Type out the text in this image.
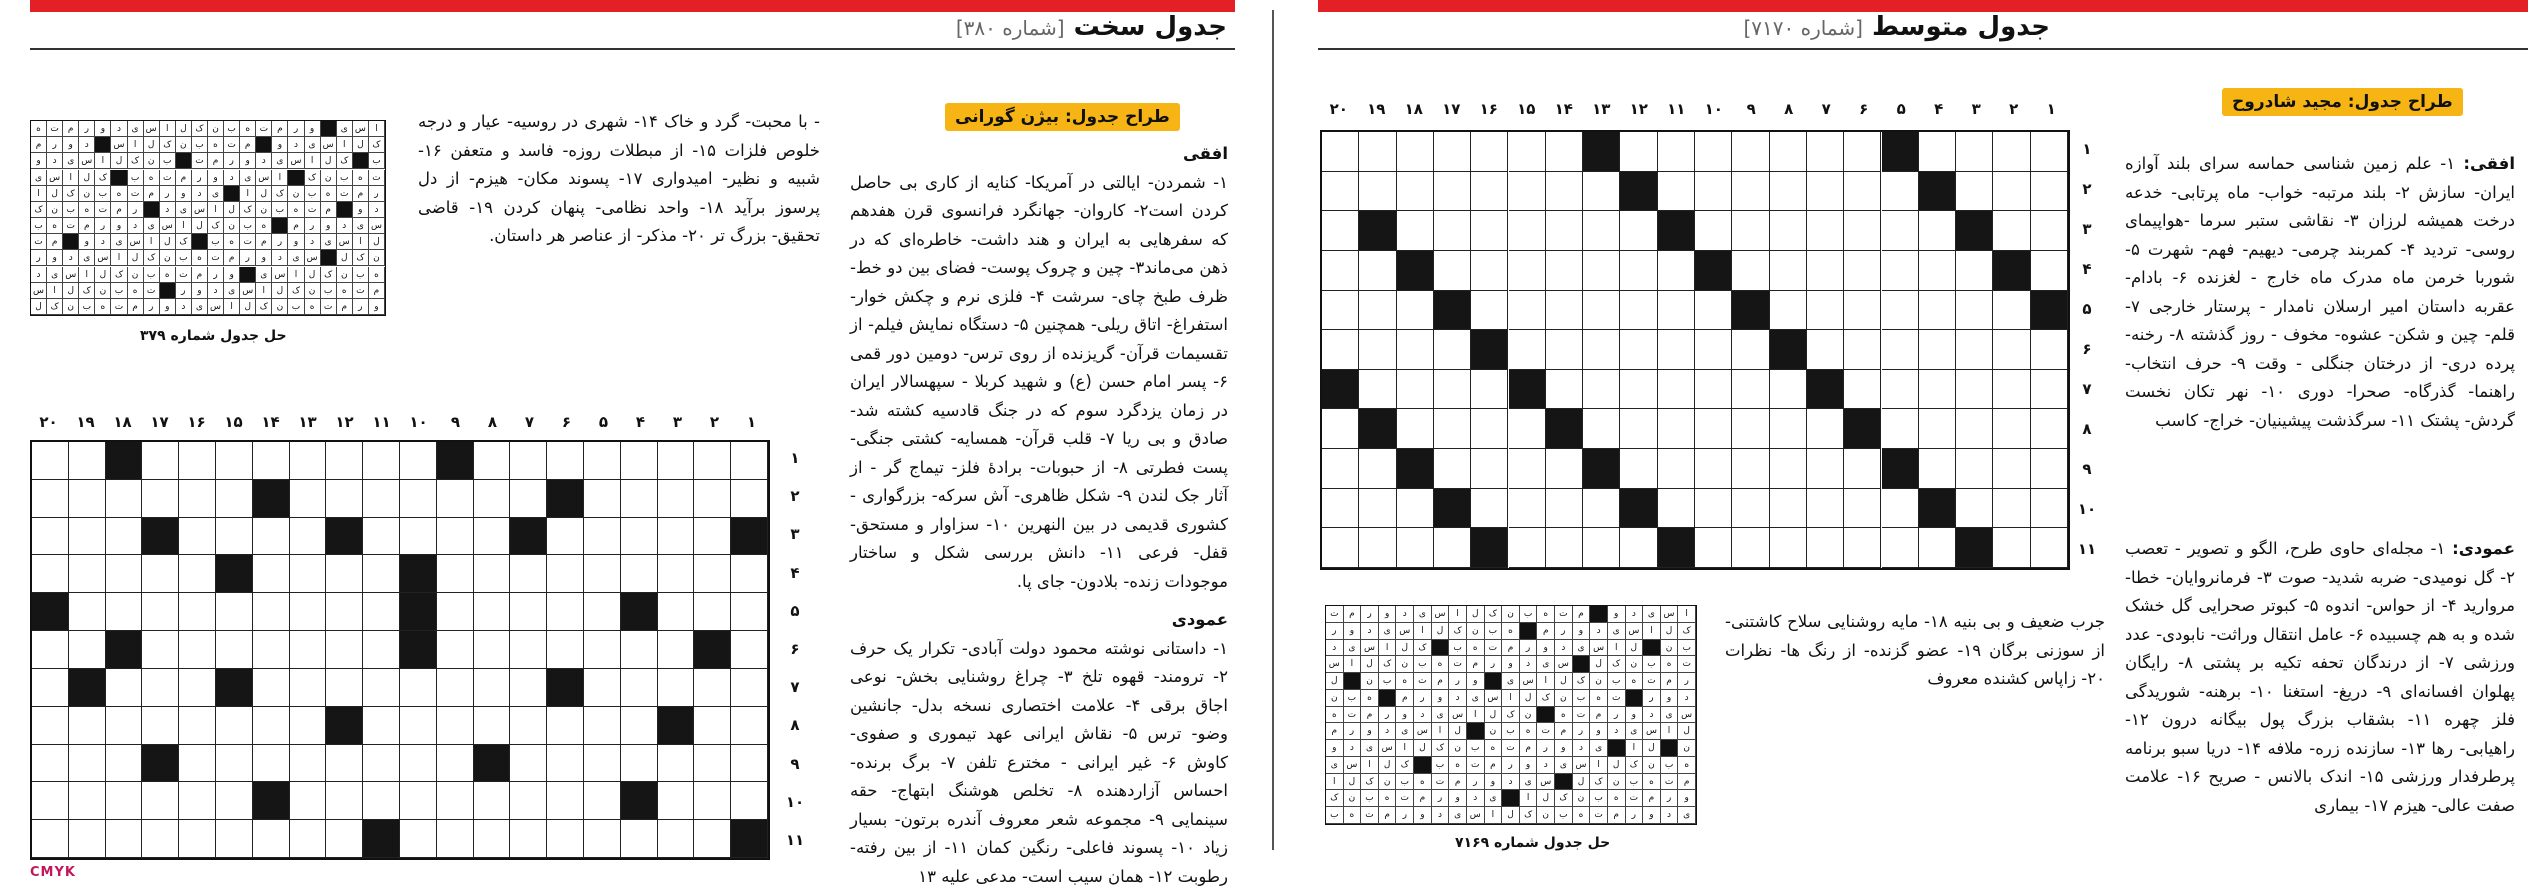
جدول سخت [شماره ۳۸۰]
طراح جدول: بیژن گورانی
افقی
۱- شمردن- ایالتی در آمریکا- کنایه از کاری بی حاصل کردن است۲- کاروان- جهانگرد فرانسوی قرن هفدهم که سفرهایی به ایران و هند داشت- خاطره‌ای که در ذهن می‌ماند۳- چین و چروک پوست- فضای بین دو خط- ظرف طبخ چای- سرشت ۴- فلزی نرم و چکش خوار- استفراغ- اتاق ریلی- همچنین ۵- دستگاه نمایش فیلم- از تقسیمات قرآن- گریزنده از روی ترس- دومین دور قمی ۶- پسر امام حسن (ع) و شهید کربلا - سپهسالار ایران در زمان یزدگرد سوم که در جنگ قادسیه کشته شد- صادق و بی ریا ۷- قلب قرآن- همسایه- کشتی جنگی- پست فطرتی ۸- از حبوبات- برادهٔ فلز- تیماج گر - از آثار جک لندن ۹- شکل ظاهری- آش سرکه- بزرگواری - کشوری قدیمی در بین النهرین ۱۰- سزاوار و مستحق- قفل- فرعی ۱۱- دانش بررسی شکل و ساختار موجودات زنده- بلادون- جای پا.
- با محبت- گرد و خاک ۱۴- شهری در روسیه- عیار و درجه خلوص فلزات ۱۵- از مبطلات روزه- فاسد و متعفن ۱۶- شبیه و نظیر- امیدواری ۱۷- پسوند مکان- هیزم- از دل پرسوز برآید ۱۸- واحد نظامی- پنهان کردن ۱۹- قاضی تحقیق- بزرگ تر ۲۰- مذکر- از عناصر هر داستان.
عمودی
۱- داستانی نوشته محمود دولت آبادی- تکرار یک حرف ۲- ترومند- قهوه تلخ ۳- چراغ روشنایی بخش- نوعی اجاق برقی ۴- علامت اختصاری نسخه بدل- جانشین وضو- ترس ۵- نقاش ایرانی عهد تیموری و صفوی- کاوش ۶- غیر ایرانی - مخترع تلفن ۷- برگ برنده- احساس آزاردهنده ۸- تخلص هوشنگ ابتهاج- حقه سینمایی ۹- مجموعه شعر معروف آندره برتون- بسیار زیاد ۱۰- پسوند فاعلی- رنگین کمان ۱۱- از بین رفته- رطوبت ۱۲- همان سیب است- مدعی علیه ۱۳
ا
س
ی
و
ر
م
ت
ه
ب
ن
ک
ل
ا
س
ی
د
و
ر
م
ت
ه
ک
ل
ا
س
ی
د
و
م
ت
ه
ب
ن
ک
ل
ا
س
د
و
ر
م
ب
ک
ل
ا
س
ی
د
و
ر
م
ت
ب
ن
ک
ل
ا
س
ی
د
و
ت
ه
ب
ن
ک
ا
س
ی
د
و
ر
م
ت
ه
ب
ک
ل
ا
س
ی
ر
م
ت
ه
ب
ن
ک
ل
ا
ی
د
و
ر
م
ت
ه
ب
ن
ک
ل
ا
د
و
م
ت
ه
ب
ن
ک
ل
ا
س
ی
د
ر
م
ت
ه
ب
ن
ک
س
ی
د
و
ر
م
ه
ب
ن
ک
ل
ا
س
ی
د
و
ر
م
ت
ه
ب
ل
ا
س
ی
د
و
ر
م
ت
ه
ب
ک
ل
ا
س
ی
د
و
م
ت
ن
ک
ل
س
ی
د
و
ر
م
ت
ه
ب
ن
ک
ل
ا
س
ی
د
و
ر
ه
ب
ن
ک
ل
ا
س
ی
و
ر
م
ت
ه
ب
ن
ک
ل
ا
س
ی
د
م
ت
ه
ب
ن
ک
ل
ا
س
ی
د
و
ر
ت
ه
ب
ن
ک
ل
ا
س
و
ر
م
ت
ه
ب
ن
ک
ل
ا
س
ی
د
و
ر
م
ت
ه
ب
ن
ک
ل
حل جدول شماره ۳۷۹
۱
۲
۳
۴
۵
۶
۷
۸
۹
۱۰
۱۱
۱۲
۱۳
۱۴
۱۵
۱۶
۱۷
۱۸
۱۹
۲۰
۱
۲
۳
۴
۵
۶
۷
۸
۹
۱۰
۱۱
جدول متوسط [شماره ۷۱۷۰]
طراح جدول: مجید شادروح
افقی: ۱- علم زمین شناسی حماسه سرای بلند آوازه ایران- سازش ۲- بلند مرتبه- خواب- ماه پرتابی- خدعه درخت همیشه لرزان ۳- نقاشی ستبر سرما -هواپیمای روسی- تردید ۴- کمربند چرمی- دیهیم- فهم- شهرت ۵- شوربا خرمن ماه مدرک ماه خارج - لغزنده ۶- بادام- عقربه داستان امیر ارسلان نامدار - پرستار خارجی ۷- قلم- چین و شکن- عشوه- مخوف - روز گذشته ۸- رخنه- پرده دری- از درختان جنگلی - وقت ۹- حرف انتخاب- راهنما- گذرگاه- صحرا- دوری ۱۰- نهر تکان نخست گردش- پشتک ۱۱- سرگذشت پیشینیان- خراج- کاسب
عمودی: ۱- مجله‌ای حاوی طرح، الگو و تصویر - تعصب ۲- گل نومیدی- ضربه شدید- صوت ۳- فرمانروایان- خطا- مروارید ۴- از حواس- اندوه ۵- کبوتر صحرایی گل خشک شده و به هم چسبیده ۶- عامل انتقال وراثت- نابودی- عدد ورزشی ۷- از درندگان تحفه تکیه بر پشتی ۸- رایگان پهلوان افسانه‌ای ۹- دریغ- استغنا ۱۰- برهنه- شوریدگی فلز چهره ۱۱- بشقاب بزرگ پول بیگانه درون ۱۲- راهیابی- رها ۱۳- سازنده زره- ملافه ۱۴- دریا سبو برنامه پرطرفدار ورزشی ۱۵- اندک بالانس - صریح ۱۶- علامت صفت عالی- هیزم ۱۷- بیماری
جرب ضعیف و بی بنیه ۱۸- مایه روشنایی سلاح کاشتنی- از سوزنی برگان ۱۹- عضو گزنده- از رنگ ها- نظرات ۲۰- زاپاس کشنده معروف
۱
۲
۳
۴
۵
۶
۷
۸
۹
۱۰
۱۱
۱۲
۱۳
۱۴
۱۵
۱۶
۱۷
۱۸
۱۹
۲۰
۱
۲
۳
۴
۵
۶
۷
۸
۹
۱۰
۱۱
ا
س
ی
د
و
م
ت
ه
ب
ن
ک
ل
ا
س
ی
د
و
ر
م
ت
ک
ل
ا
س
ی
د
و
ر
م
ه
ب
ن
ک
ل
ا
س
ی
د
و
ر
ب
ن
ل
ا
س
ی
د
و
ر
م
ت
ه
ب
ک
ل
ا
س
ی
د
ت
ه
ب
ن
ک
ل
س
ی
د
و
ر
م
ت
ه
ب
ن
ک
ل
ا
س
ر
م
ت
ه
ب
ن
ک
ل
ا
س
ی
و
ر
م
ت
ه
ب
ن
ل
د
و
ر
ت
ه
ب
ن
ک
ل
ا
س
ی
د
و
ر
م
ه
ب
ن
س
ی
د
و
ر
م
ت
ه
ن
ک
ل
ا
س
ی
د
و
ر
م
ت
ه
ل
ا
س
ی
د
و
ر
م
ت
ه
ب
ن
ل
ا
س
ی
د
و
ر
م
ن
ل
ا
ی
د
و
ر
م
ت
ه
ب
ن
ک
ل
ا
س
ی
د
و
ه
ب
ن
ک
ل
ا
س
ی
د
و
ر
م
ت
ه
ب
ک
ل
ا
س
ی
م
ت
ه
ب
ن
ک
ل
س
ی
د
و
ر
م
ت
ه
ب
ن
ک
ل
ا
و
ر
م
ت
ه
ب
ن
ک
ل
ا
ی
د
و
ر
م
ت
ه
ب
ن
ک
ی
د
و
ر
م
ت
ه
ب
ن
ک
ل
ا
س
ی
د
و
ر
م
ت
ه
ب
حل جدول شماره ۷۱۶۹
CMYK
